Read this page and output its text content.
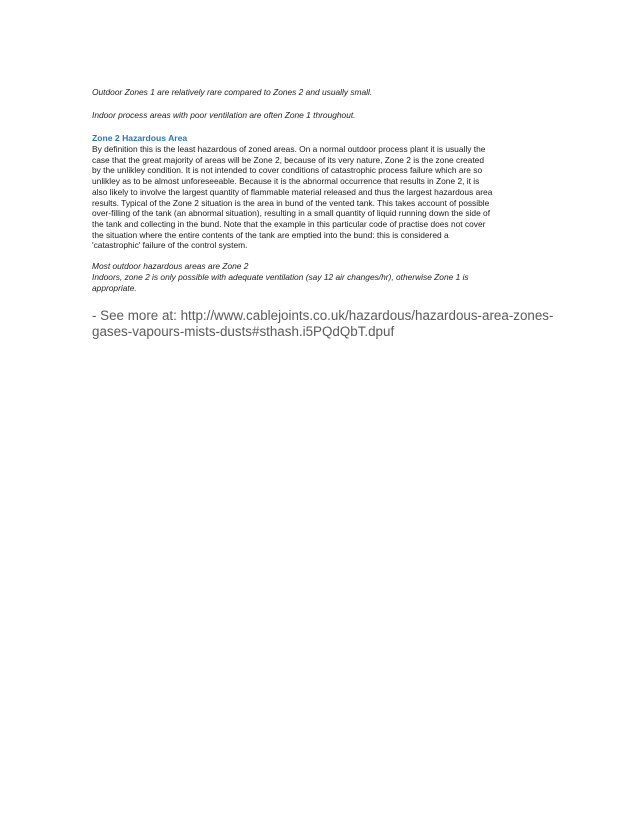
Outdoor Zones 1 are relatively rare compared to Zones 2 and usually small.

Indoor process areas with poor ventilation are often Zone 1 throughout.

Zone 2 Hazardous Area

By definition this is the least hazardous of zoned areas. On a normal outdoor process plant it is usually the
case that the great majority of areas will be Zone 2, because of its very nature, Zone 2 is the zone created
by the unlikley condition. It is not intended to cover conditions of catastrophic process failure which are so
unlikley as to be almost unforeseeable. Because it is the abnormal occurrence that results in Zone 2, it is
also likely to involve the largest quantity of flammable material released and thus the largest hazardous area
results. Typical of the Zone 2 situation is the area in bund of the vented tank. This takes account of possible
over-filling of the tank (an abnormal situation), resulting in a small quantity of liquid running down the side of
the tank and collecting in the bund. Note that the example in this particular code of practise does not cover
the situation where the entire contents of the tank are emptied into the bund: this is considered a
'catastrophic' failure of the control system.
Most outdoor hazardous areas are Zone 2
Indoors, zone 2 is only possible with adequate ventilation (say 12 air changes/hr), otherwise Zone 1 is
appropriate.
- See more at: http://www.cablejoints.co.uk/hazardous/hazardous-area-zones-
gases-vapours-mists-dusts#sthash.i5PQdQbT.dpuf
